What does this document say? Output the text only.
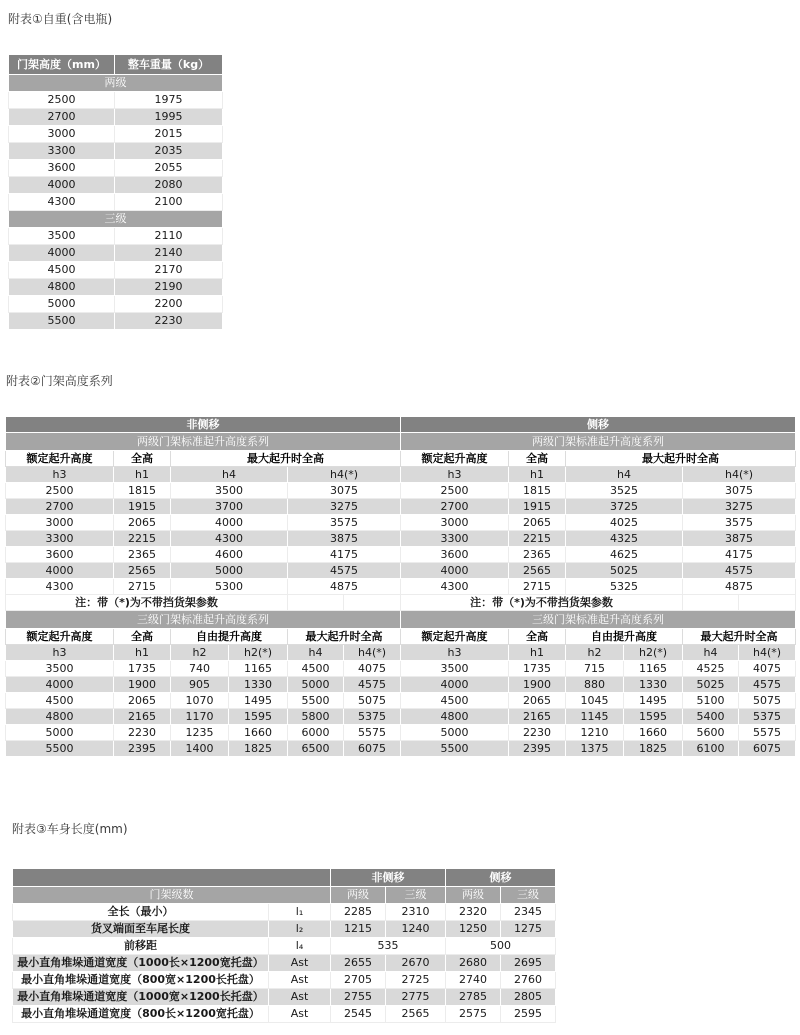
附表①自重(含电瓶)
门架高度（mm）	整车重量（kg）
两级	
2500	1975
2700	1995
3000	2015
3300	2035
3600	2055
4000	2080
4300	2100
三级	
3500	2110
4000	2140
4500	2170
4800	2190
5000	2200
5500	2230
附表②门架高度系列
非侧移						侧移					
两级门架标准起升高度系列						两级门架标准起升高度系列					
额定起升高度	全高	最大起升时全高				额定起升高度	全高	最大起升时全高			
h3	h1	h4		h4(*)		h3	h1	h4		h4(*)	
2500	1815	3500		3075		2500	1815	3525		3075	
2700	1915	3700		3275		2700	1915	3725		3275	
3000	2065	4000		3575		3000	2065	4025		3575	
3300	2215	4300		3875		3300	2215	4325		3875	
3600	2365	4600		4175		3600	2365	4625		4175	
4000	2565	5000		4575		4000	2565	5025		4575	
4300	2715	5300		4875		4300	2715	5325		4875	
注：带（*)为不带挡货架参数						注：带（*)为不带挡货架参数					
三级门架标准起升高度系列						三级门架标准起升高度系列					
额定起升高度	全高	自由提升高度		最大起升时全高		额定起升高度	全高	自由提升高度		最大起升时全高	
h3	h1	h2	h2(*)	h4	h4(*)	h3	h1	h2	h2(*)	h4	h4(*)
3500	1735	740	1165	4500	4075	3500	1735	715	1165	4525	4075
4000	1900	905	1330	5000	4575	4000	1900	880	1330	5025	4575
4500	2065	1070	1495	5500	5075	4500	2065	1045	1495	5100	5075
4800	2165	1170	1595	5800	5375	4800	2165	1145	1595	5400	5375
5000	2230	1235	1660	6000	5575	5000	2230	1210	1660	5600	5575
5500	2395	1400	1825	6500	6075	5500	2395	1375	1825	6100	6075
附表③车身长度(mm)
		非侧移		侧移	
门架级数		两级	三级	两级	三级
全长（最小）	l₁	2285	2310	2320	2345
货叉端面至车尾长度	l₂	1215	1240	1250	1275
前移距	l₄	535		500	
最小直角堆垛通道宽度（1000长×1200宽托盘）	Ast	2655	2670	2680	2695
最小直角堆垛通道宽度（800宽×1200长托盘）	Ast	2705	2725	2740	2760
最小直角堆垛通道宽度（1000宽×1200长托盘）	Ast	2755	2775	2785	2805
最小直角堆垛通道宽度（800长×1200宽托盘）	Ast	2545	2565	2575	2595
